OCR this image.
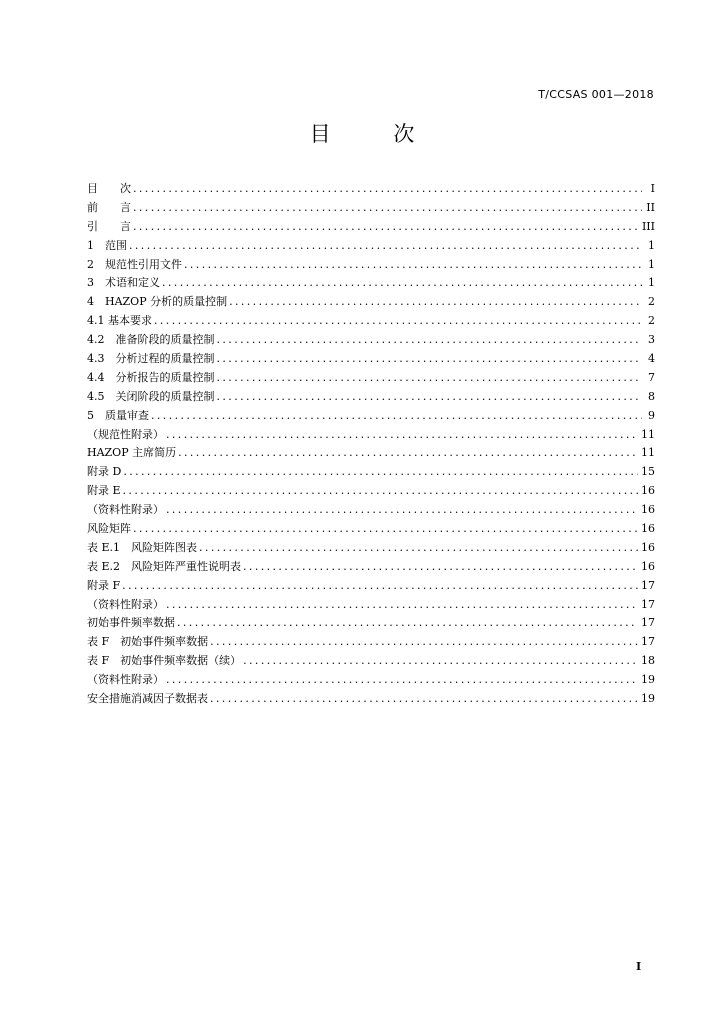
T/CCSAS 001—2018
目 次
目　　次 .....	I
前　　言 .....	II
引　　言 .....	III
1　范围 .....	1
2　规范性引用文件 .....	1
3　术语和定义 .....	1
4　HAZOP 分析的质量控制 .....	2
4.1 基本要求 .....	2
4.2　准备阶段的质量控制 .....	3
4.3　分析过程的质量控制 .....	4
4.4　分析报告的质量控制 .....	7
4.5　关闭阶段的质量控制 .....	8
5　质量审查 .....	9
（规范性附录） .....	11
HAZOP 主席简历 .....	11
附录 D .....	15
附录 E .....	16
（资料性附录） .....	16
风险矩阵 .....	16
表 E.1　风险矩阵图表 .....	16
表 E.2　风险矩阵严重性说明表 .....	16
附录 F .....	17
（资料性附录） .....	17
初始事件频率数据 .....	17
表 F　初始事件频率数据 .....	17
表 F　初始事件频率数据（续） .....	18
（资料性附录） .....	19
安全措施消减因子数据表 .....	19
I
